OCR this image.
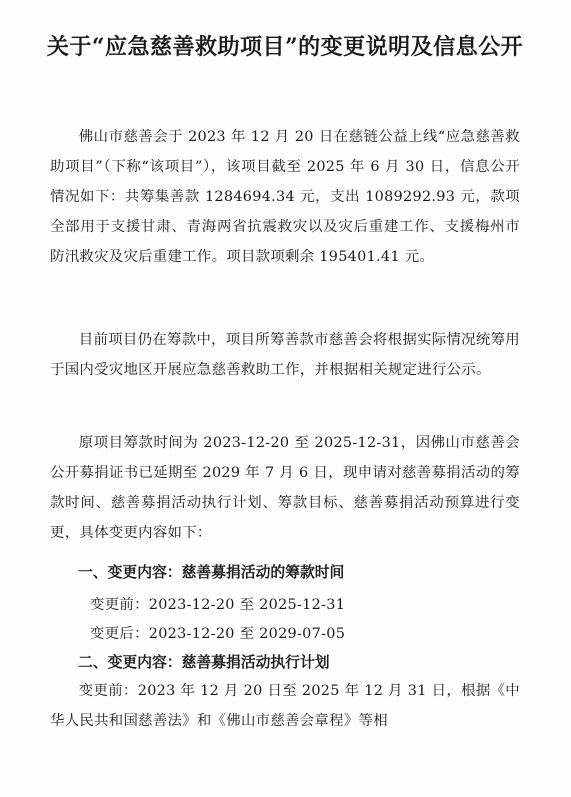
关于“应急慈善救助项目”的变更说明及信息公开

佛山市慈善会于 2023 年 12 月 20 日在慈链公益上线“应急慈善救助项目”（下称“该项目”），该项目截至 2025 年 6 月 30 日，信息公开情况如下：共筹集善款 1284694.34 元，支出 1089292.93 元，款项全部用于支援甘肃、青海两省抗震救灾以及灾后重建工作、支援梅州市防汛救灾及灾后重建工作。项目款项剩余 195401.41 元。

目前项目仍在筹款中，项目所筹善款市慈善会将根据实际情况统筹用于国内受灾地区开展应急慈善救助工作，并根据相关规定进行公示。

原项目筹款时间为 2023-12-20 至 2025-12-31，因佛山市慈善会公开募捐证书已延期至 2029 年 7 月 6 日，现申请对慈善募捐活动的筹款时间、慈善募捐活动执行计划、筹款目标、慈善募捐活动预算进行变更，具体变更内容如下：

一、变更内容：慈善募捐活动的筹款时间
变更前：2023-12-20 至 2025-12-31
变更后：2023-12-20 至 2029-07-05
二、变更内容：慈善募捐活动执行计划

变更前：2023 年 12 月 20 日至 2025 年 12 月 31 日，根据《中华人民共和国慈善法》和《佛山市慈善会章程》等相
